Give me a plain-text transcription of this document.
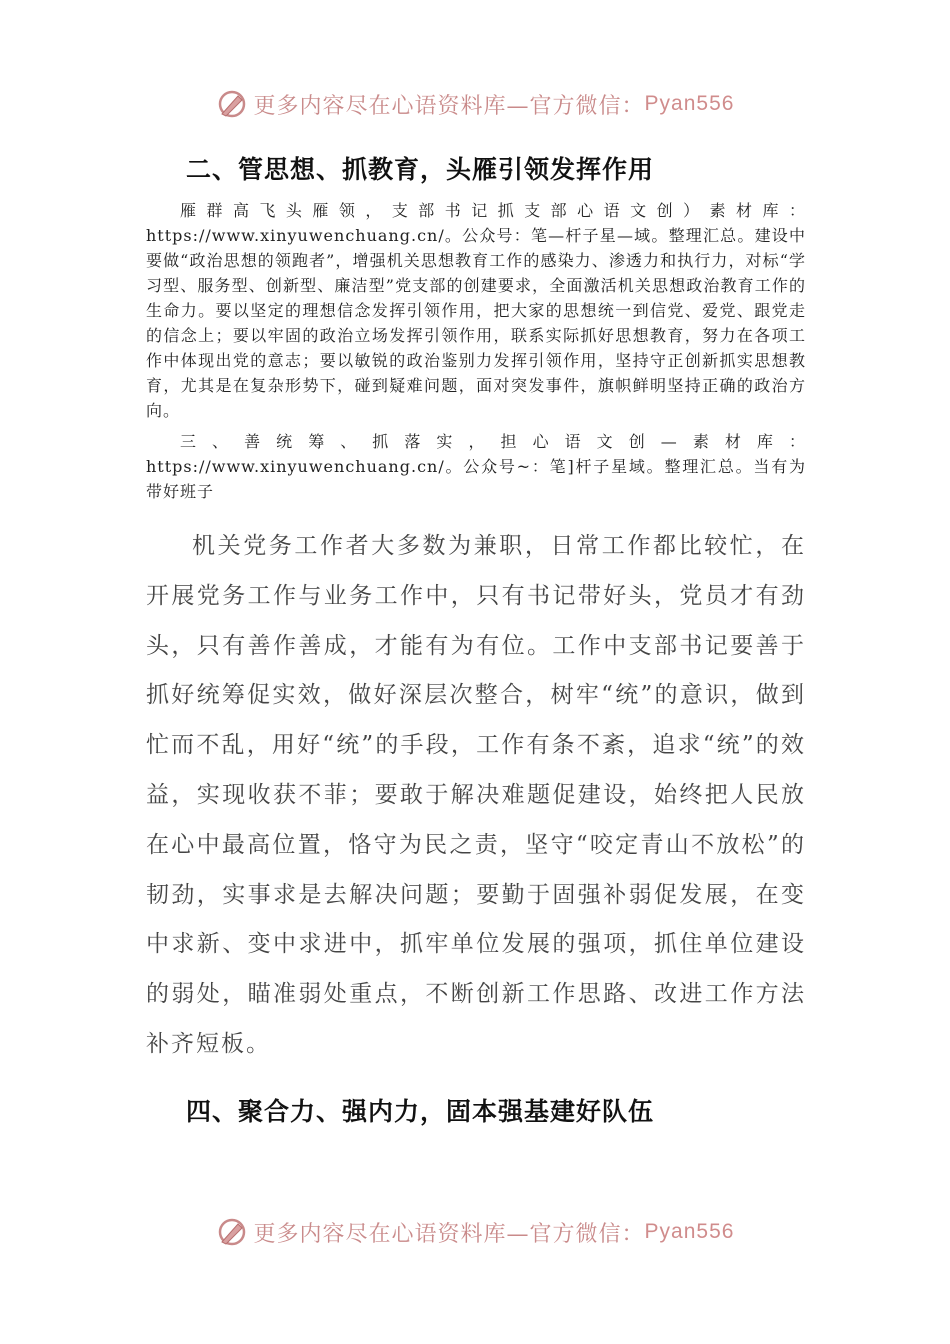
更多内容尽在心语资料库—官方微信： Pyan556
二、管思想、抓教育，头雁引领发挥作用

雁群高飞头雁领，支部书记抓支部心语文创）素材库：https://www.xinyuwenchuang.cn/。公众号：笔—杆子星—域。整理汇总。建设中要做“政治思想的领跑者”，增强机关思想教育工作的感染力、渗透力和执行力，对标“学习型、服务型、创新型、廉洁型”党支部的创建要求，全面激活机关思想政治教育工作的生命力。要以坚定的理想信念发挥引领作用，把大家的思想统一到信党、爱党、跟党走的信念上；要以牢固的政治立场发挥引领作用，联系实际抓好思想教育，努力在各项工作中体现出党的意志；要以敏锐的政治鉴别力发挥引领作用，坚持守正创新抓实思想教育，尤其是在复杂形势下，碰到疑难问题，面对突发事件，旗帜鲜明坚持正确的政治方向。

三、善统筹、抓落实，担心语文创—素材库：https://www.xinyuwenchuang.cn/。公众号~：笔]杆子星域。整理汇总。当有为带好班子

机关党务工作者大多数为兼职，日常工作都比较忙，在开展党务工作与业务工作中，只有书记带好头，党员才有劲头，只有善作善成，才能有为有位。工作中支部书记要善于抓好统筹促实效，做好深层次整合，树牢“统”的意识，做到忙而不乱，用好“统”的手段，工作有条不紊，追求“统”的效益，实现收获不菲；要敢于解决难题促建设，始终把人民放在心中最高位置，恪守为民之责，坚守“咬定青山不放松”的韧劲，实事求是去解决问题；要勤于固强补弱促发展，在变中求新、变中求进中，抓牢单位发展的强项，抓住单位建设的弱处，瞄准弱处重点，不断创新工作思路、改进工作方法补齐短板。

四、聚合力、强内力，固本强基建好队伍
更多内容尽在心语资料库—官方微信： Pyan556
